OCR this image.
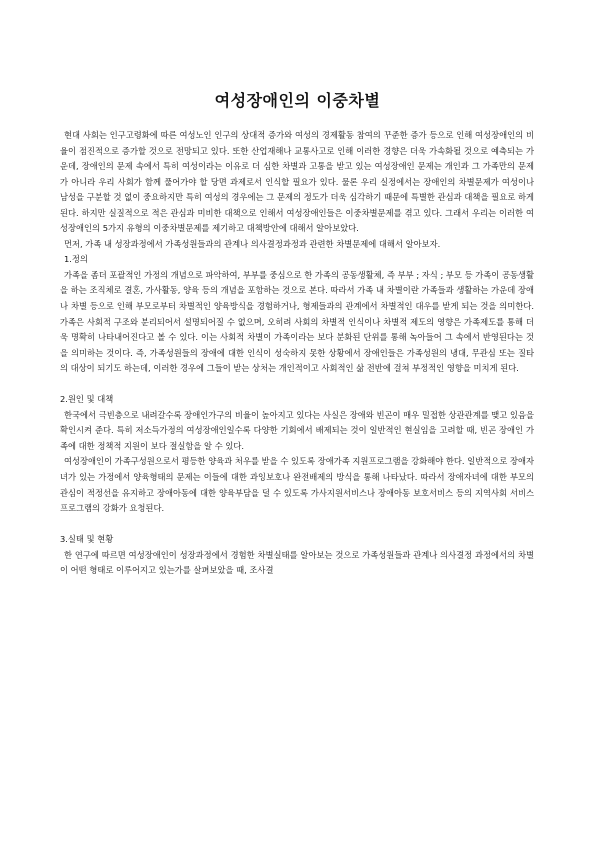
여성장애인의 이중차별

현대 사회는 인구고령화에 따른 여성노인 인구의 상대적 증가와 여성의 경제활동 참여의 꾸준한 증가 등으로 인해 여성장애인의 비율이 점진적으로 증가할 것으로 전망되고 있다. 또한 산업재해나 교통사고로 인해 이러한 경향은 더욱 가속화될 것으로 예측되는 가운데, 장애인의 문제 속에서 특히 여성이라는 이유로 더 심한 차별과 고통을 받고 있는 여성장애인 문제는 개인과 그 가족만의 문제가 아니라 우리 사회가 함께 풀어가야 할 당면 과제로서 인식할 필요가 있다. 물론 우리 실정에서는 장애인의 차별문제가 여성이나 남성을 구분할 것 없이 중요하지만 특히 여성의 경우에는 그 문제의 정도가 더욱 심각하기 때문에 특별한 관심과 대책을 필요로 하게 된다. 하지만 실질적으로 적은 관심과 미비한 대책으로 인해서 여성장애인들은 이중차별문제를 겪고 있다. 그래서 우리는 이러한 여성장애인의 5가지 유형의 이중차별문제를 제기하고 대책방안에 대해서 알아보았다.

먼저, 가족 내 성장과정에서 가족성원들과의 관계나 의사결정과정과 관련한 차별문제에 대해서 알아보자.

1.정의

가족을 좀더 포괄적인 가정의 개념으로 파악하여, 부부를 중심으로 한 가족의 공동생활체, 즉 부부 ; 자식 ; 부모 등 가족이 공동생활을 하는 조직체로 결혼, 가사활동, 양육 등의 개념을 포함하는 것으로 본다. 따라서 가족 내 차별이란 가족들과 생활하는 가운데 장애나 차별 등으로 인해 부모로부터 차별적인 양육방식을 경험하거나, 형제들과의 관계에서 차별적인 대우를 받게 되는 것을 의미한다. 가족은 사회적 구조와 분리되어서 설명되어질 수 없으며, 오히려 사회의 차별적 인식이나 차별적 제도의 영향은 가족제도를 통해 더욱 명확히 나타내어진다고 볼 수 있다. 이는 사회적 차별이 가족이라는 보다 분화된 단위를 통해 녹아들어 그 속에서 반영된다는 것을 의미하는 것이다. 즉, 가족성원들의 장애에 대한 인식이 성숙하지 못한 상황에서 장애인들은 가족성원의 냉대, 무관심 또는 질타의 대상이 되기도 하는데, 이러한 경우에 그들이 받는 상처는 개인적이고 사회적인 삶 전반에 걸쳐 부정적인 영향을 미치게 된다.

2.원인 및 대책

한국에서 극빈층으로 내려갈수록 장애인가구의 비율이 높아지고 있다는 사실은 장애와 빈곤이 매우 밀접한 상관관계를 맺고 있음을 확인시켜 준다. 특히 저소득가정의 여성장애인일수록 다양한 기회에서 배제되는 것이 일반적인 현실임을 고려할 때, 빈곤 장애인 가족에 대한 정책적 지원이 보다 절실함을 알 수 있다.

여성장애인이 가족구성원으로서 평등한 양육과 처우를 받을 수 있도록 장애가족 지원프로그램을 강화해야 한다. 일반적으로 장애자녀가 있는 가정에서 양육형태의 문제는 이들에 대한 과잉보호나 완전배제의 방식을 통해 나타났다. 따라서 장애자녀에 대한 부모의 관심이 적정선을 유지하고 장애아동에 대한 양육부담을 덜 수 있도록 가사지원서비스나 장애아동 보호서비스 등의 지역사회 서비스 프로그램의 강화가 요청된다.

3.실태 및 현황

한 연구에 따르면 여성장애인이 성장과정에서 경험한 차별실태를 알아보는 것으로 가족성원들과 관계나 의사결정 과정에서의 차별이 어떤 형태로 이루어지고 있는가를 살펴보았을 때, 조사결
